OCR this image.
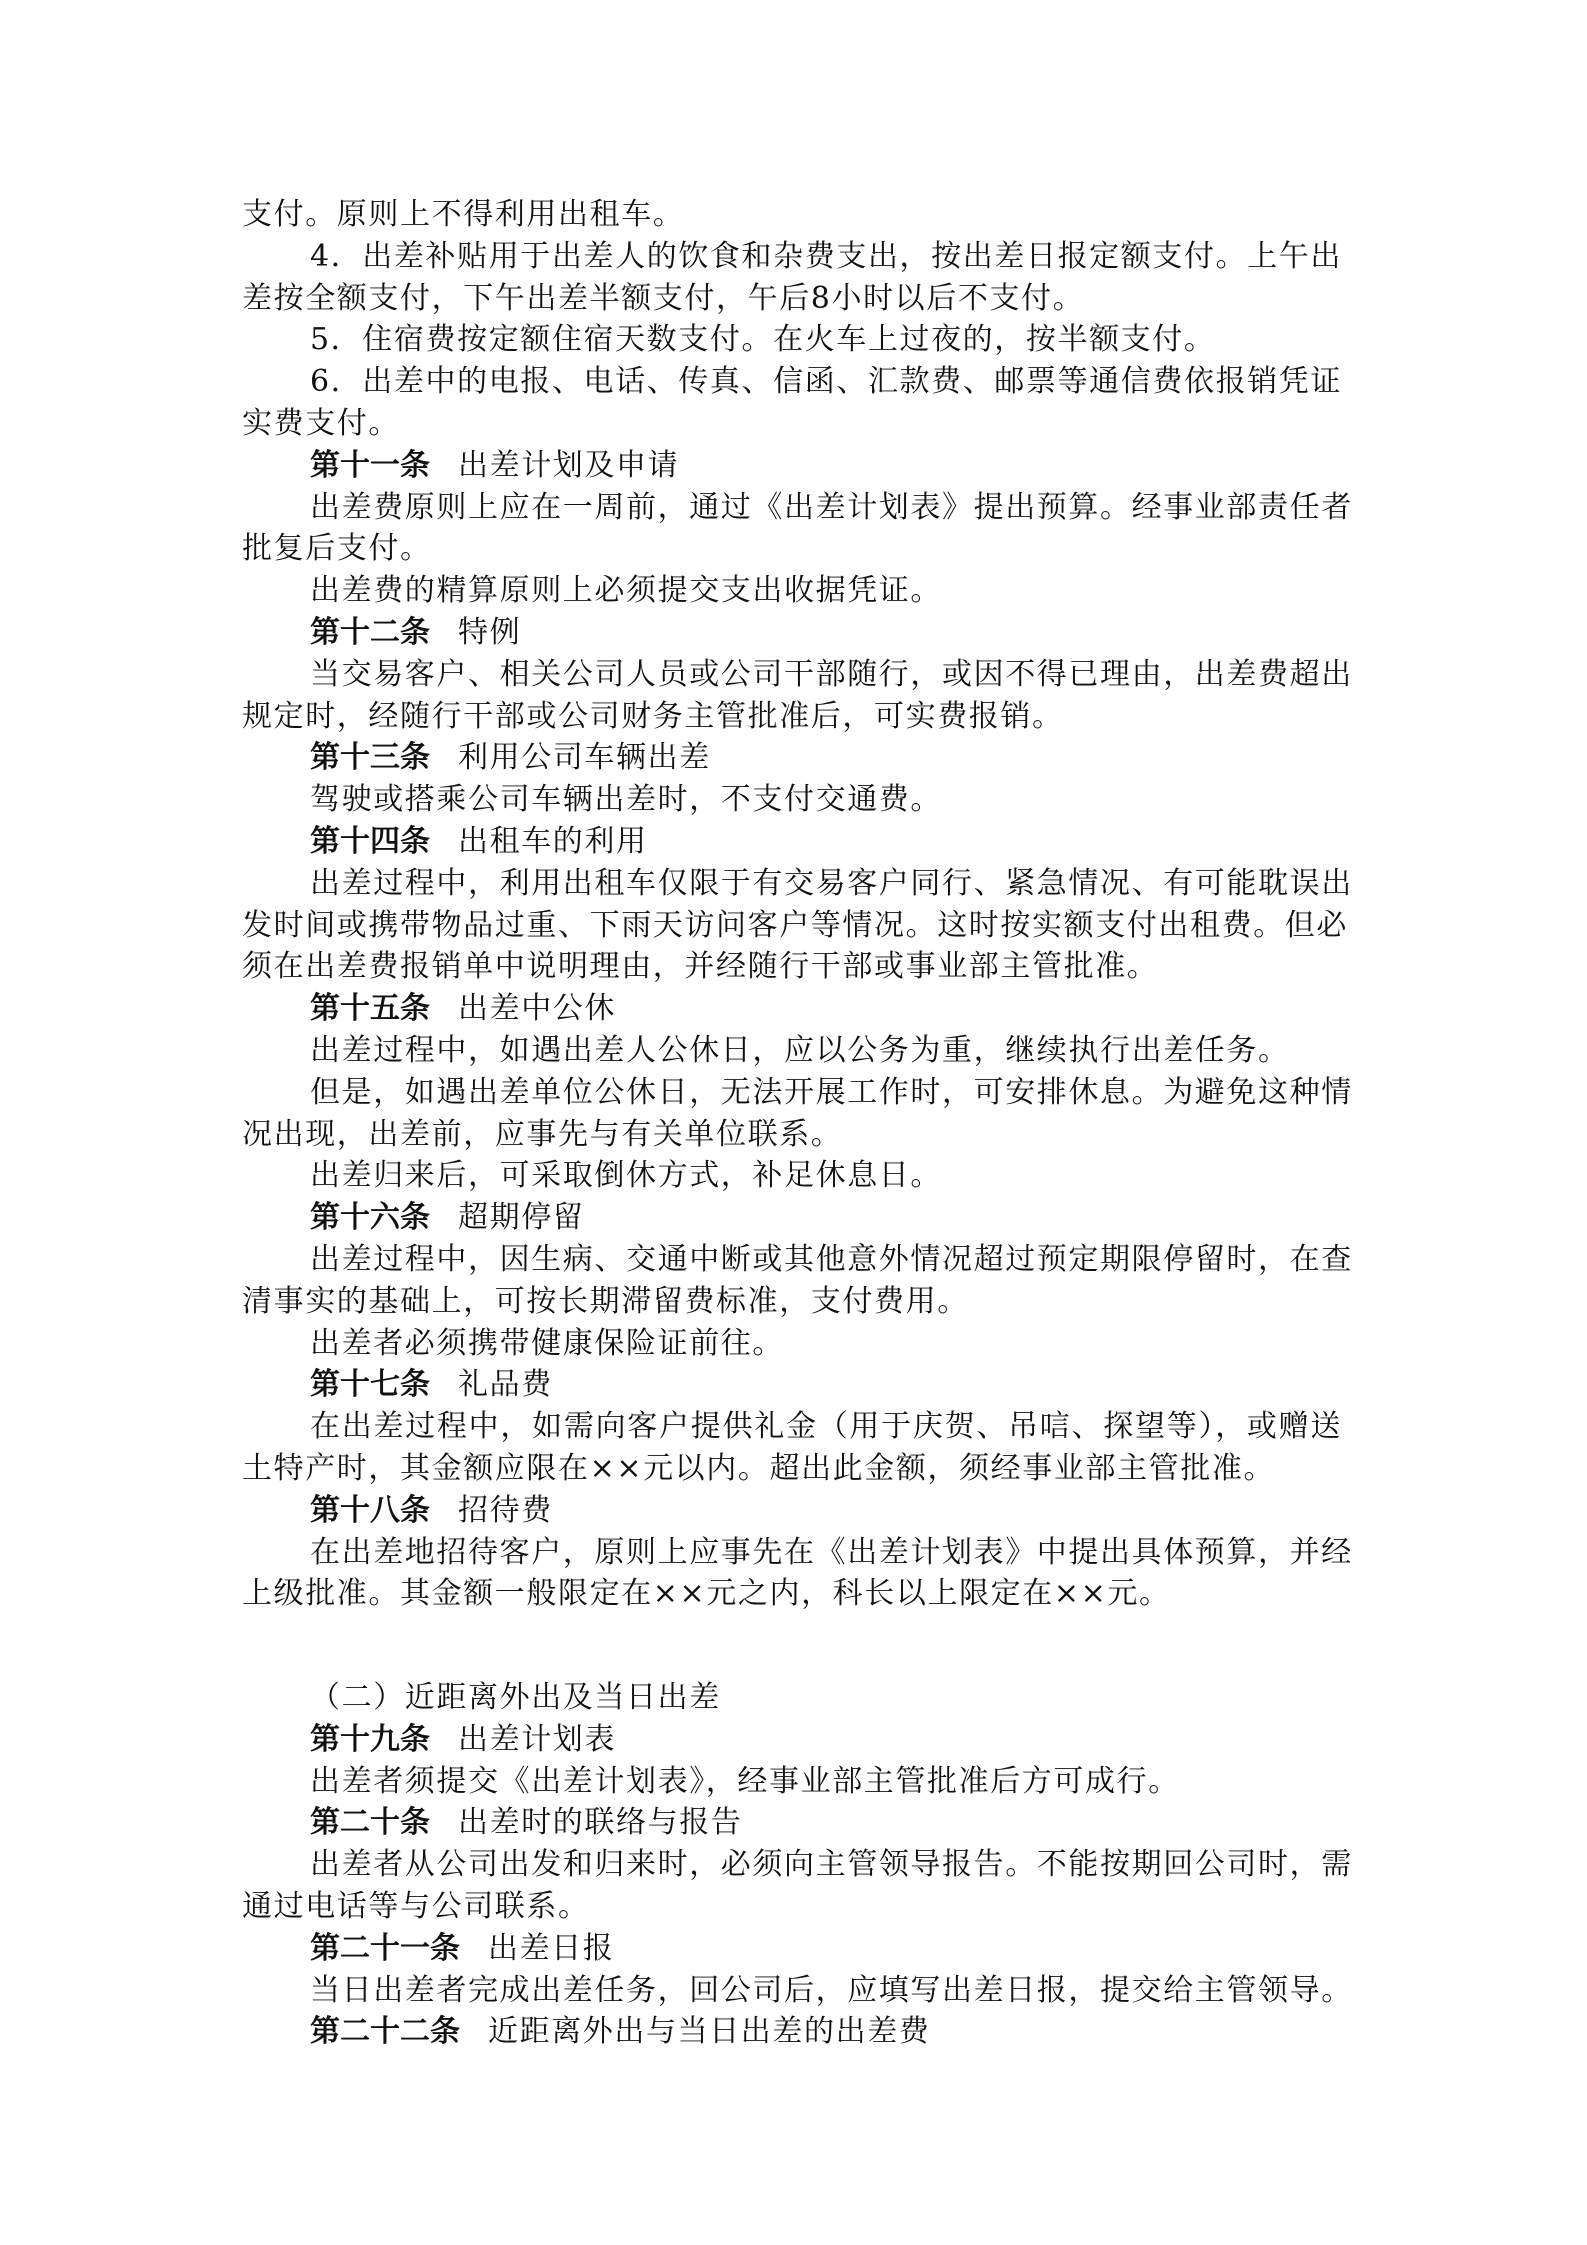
支付。原则上不得利用出租车。
4．出差补贴用于出差人的饮食和杂费支出，按出差日报定额支付。上午出
差按全额支付，下午出差半额支付，午后8小时以后不支付。
5．住宿费按定额住宿天数支付。在火车上过夜的，按半额支付。
6．出差中的电报、电话、传真、信函、汇款费、邮票等通信费依报销凭证
实费支付。
第十一条 出差计划及申请
出差费原则上应在一周前，通过《出差计划表》提出预算。经事业部责任者
批复后支付。
出差费的精算原则上必须提交支出收据凭证。
第十二条 特例
当交易客户、相关公司人员或公司干部随行，或因不得已理由，出差费超出
规定时，经随行干部或公司财务主管批准后，可实费报销。
第十三条 利用公司车辆出差
驾驶或搭乘公司车辆出差时，不支付交通费。
第十四条 出租车的利用
出差过程中，利用出租车仅限于有交易客户同行、紧急情况、有可能耽误出
发时间或携带物品过重、下雨天访问客户等情况。这时按实额支付出租费。但必
须在出差费报销单中说明理由，并经随行干部或事业部主管批准。
第十五条 出差中公休
出差过程中，如遇出差人公休日，应以公务为重，继续执行出差任务。
但是，如遇出差单位公休日，无法开展工作时，可安排休息。为避免这种情
况出现，出差前，应事先与有关单位联系。
出差归来后，可采取倒休方式，补足休息日。
第十六条 超期停留
出差过程中，因生病、交通中断或其他意外情况超过预定期限停留时，在查
清事实的基础上，可按长期滞留费标准，支付费用。
出差者必须携带健康保险证前往。
第十七条 礼品费
在出差过程中，如需向客户提供礼金（用于庆贺、吊唁、探望等），或赠送
土特产时，其金额应限在××元以内。超出此金额，须经事业部主管批准。
第十八条 招待费
在出差地招待客户，原则上应事先在《出差计划表》中提出具体预算，并经
上级批准。其金额一般限定在××元之内，科长以上限定在××元。
（二）近距离外出及当日出差
第十九条 出差计划表
出差者须提交《出差计划表》，经事业部主管批准后方可成行。
第二十条 出差时的联络与报告
出差者从公司出发和归来时，必须向主管领导报告。不能按期回公司时，需
通过电话等与公司联系。
第二十一条 出差日报
当日出差者完成出差任务，回公司后，应填写出差日报，提交给主管领导。
第二十二条 近距离外出与当日出差的出差费
